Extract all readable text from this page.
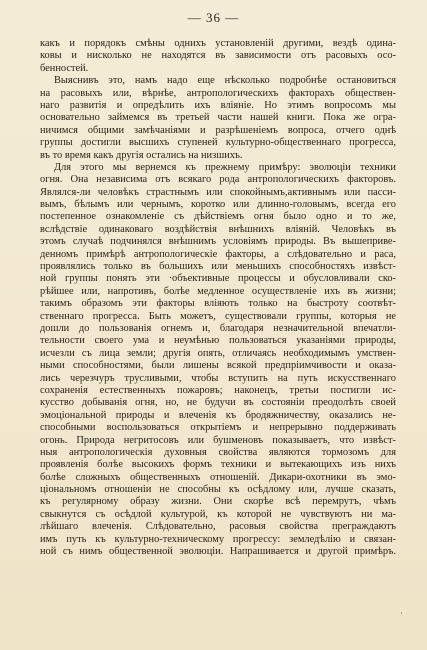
— 36 —
какъ и порядокъ смѣны однихъ установленій другими, вездѣ одина-
ковы и нисколько не находятся въ зависимости отъ расовыхъ осо-
бенностей.
Выяснивъ это, намъ надо еще нѣсколько подробнѣе остановиться
на расовыхъ или, вѣрнѣе, антропологическихъ факторахъ обществен-
наго развитія и опредѣлить ихъ вліяніе. Но этимъ вопросомъ мы
основательно займемся въ третьей части нашей книги. Пока же огра-
ничимся общими замѣчаніями и разрѣшеніемъ вопроса, отчего однѣ
группы достигли высшихъ ступеней культурно-общественнаго прогресса,
въ то время какъ другія остались на низшихъ.
Для этого мы вернемся къ прежнему примѣру: эволюціи техники
огня. Она независима отъ всякаго рода антропологическихъ факторовъ.
Являлся-ли человѣкъ страстнымъ или спокойнымъ,активнымъ или пасси-
вымъ, бѣлымъ или чернымъ, коротко или длинно-головымъ, всегда его
постепенное ознакомленіе съ дѣйствіемъ огня было одно и то же,
вслѣдствіе одинаковаго воздѣйствія внѣшнихъ вліяній. Человѣкъ въ
этомъ случаѣ подчинялся внѣшнимъ условіямъ природы. Въ вышеприве-
денномъ примѣрѣ антропологическіе факторы, а слѣдовательно и раса,
проявлялись только въ большихъ или меньшихъ способностяхъ извѣст-
ной группы понять эти ·объективные процессы и обусловливали ско-
рѣйшее или, напротивъ, болѣе медленное осуществленіе ихъ въ жизни;
такимъ образомъ эти факторы вліяють только на быстроту соотвѣт-
ственнаго прогресса. Быть можетъ, существовали группы, которыя не
дошли до пользованія огнемъ и, благодаря незначительной впечатли-
тельности своего ума и неумѣнью пользоваться указаніями природы,
исчезли съ лица земли; другія опять, отличаясь необходимымъ умствен-
ными способностями, были лишены всякой предпріимчивости и оказа-
лись черезчуръ трусливыми, чтобы вступить на путь искусственнаго
сохраненія естественныхъ пожаровъ; наконецъ, третьи постигли ис-
кусство добыванія огня, но, не будучи въ состояніи преодолѣть своей
эмоціональной природы и влеченія къ бродяжничеству, оказались не-
способными воспользоваться открытіемъ и непрерывно поддерживать
огонь. Природа негритосовъ или бушменовъ показываетъ, что извѣст-
ныя антропологическія духовныя свойства являются тормозомъ для
проявленія болѣе высокихъ формъ техники и вытекающихъ изъ нихъ
болѣе сложныхъ общественныхъ отношеній. Дикари-охотники въ эмо-
ціональномъ отношеніи не способны къ осѣдлому или, лучше сказать,
къ регулярному образу жизни. Они скорѣе всѣ перемрутъ, чѣмъ
свыкнутся съ осѣдлой культурой, къ которой не чувствуютъ ни ма-
лѣйшаго влеченія. Слѣдовательно, расовыя свойства преграждаютъ
имъ путь къ культурно-техническому прогрессу: земледѣлію и связан-
ной съ нимъ общественной эволюціи. Напрашивается и другой примѣръ.
·
